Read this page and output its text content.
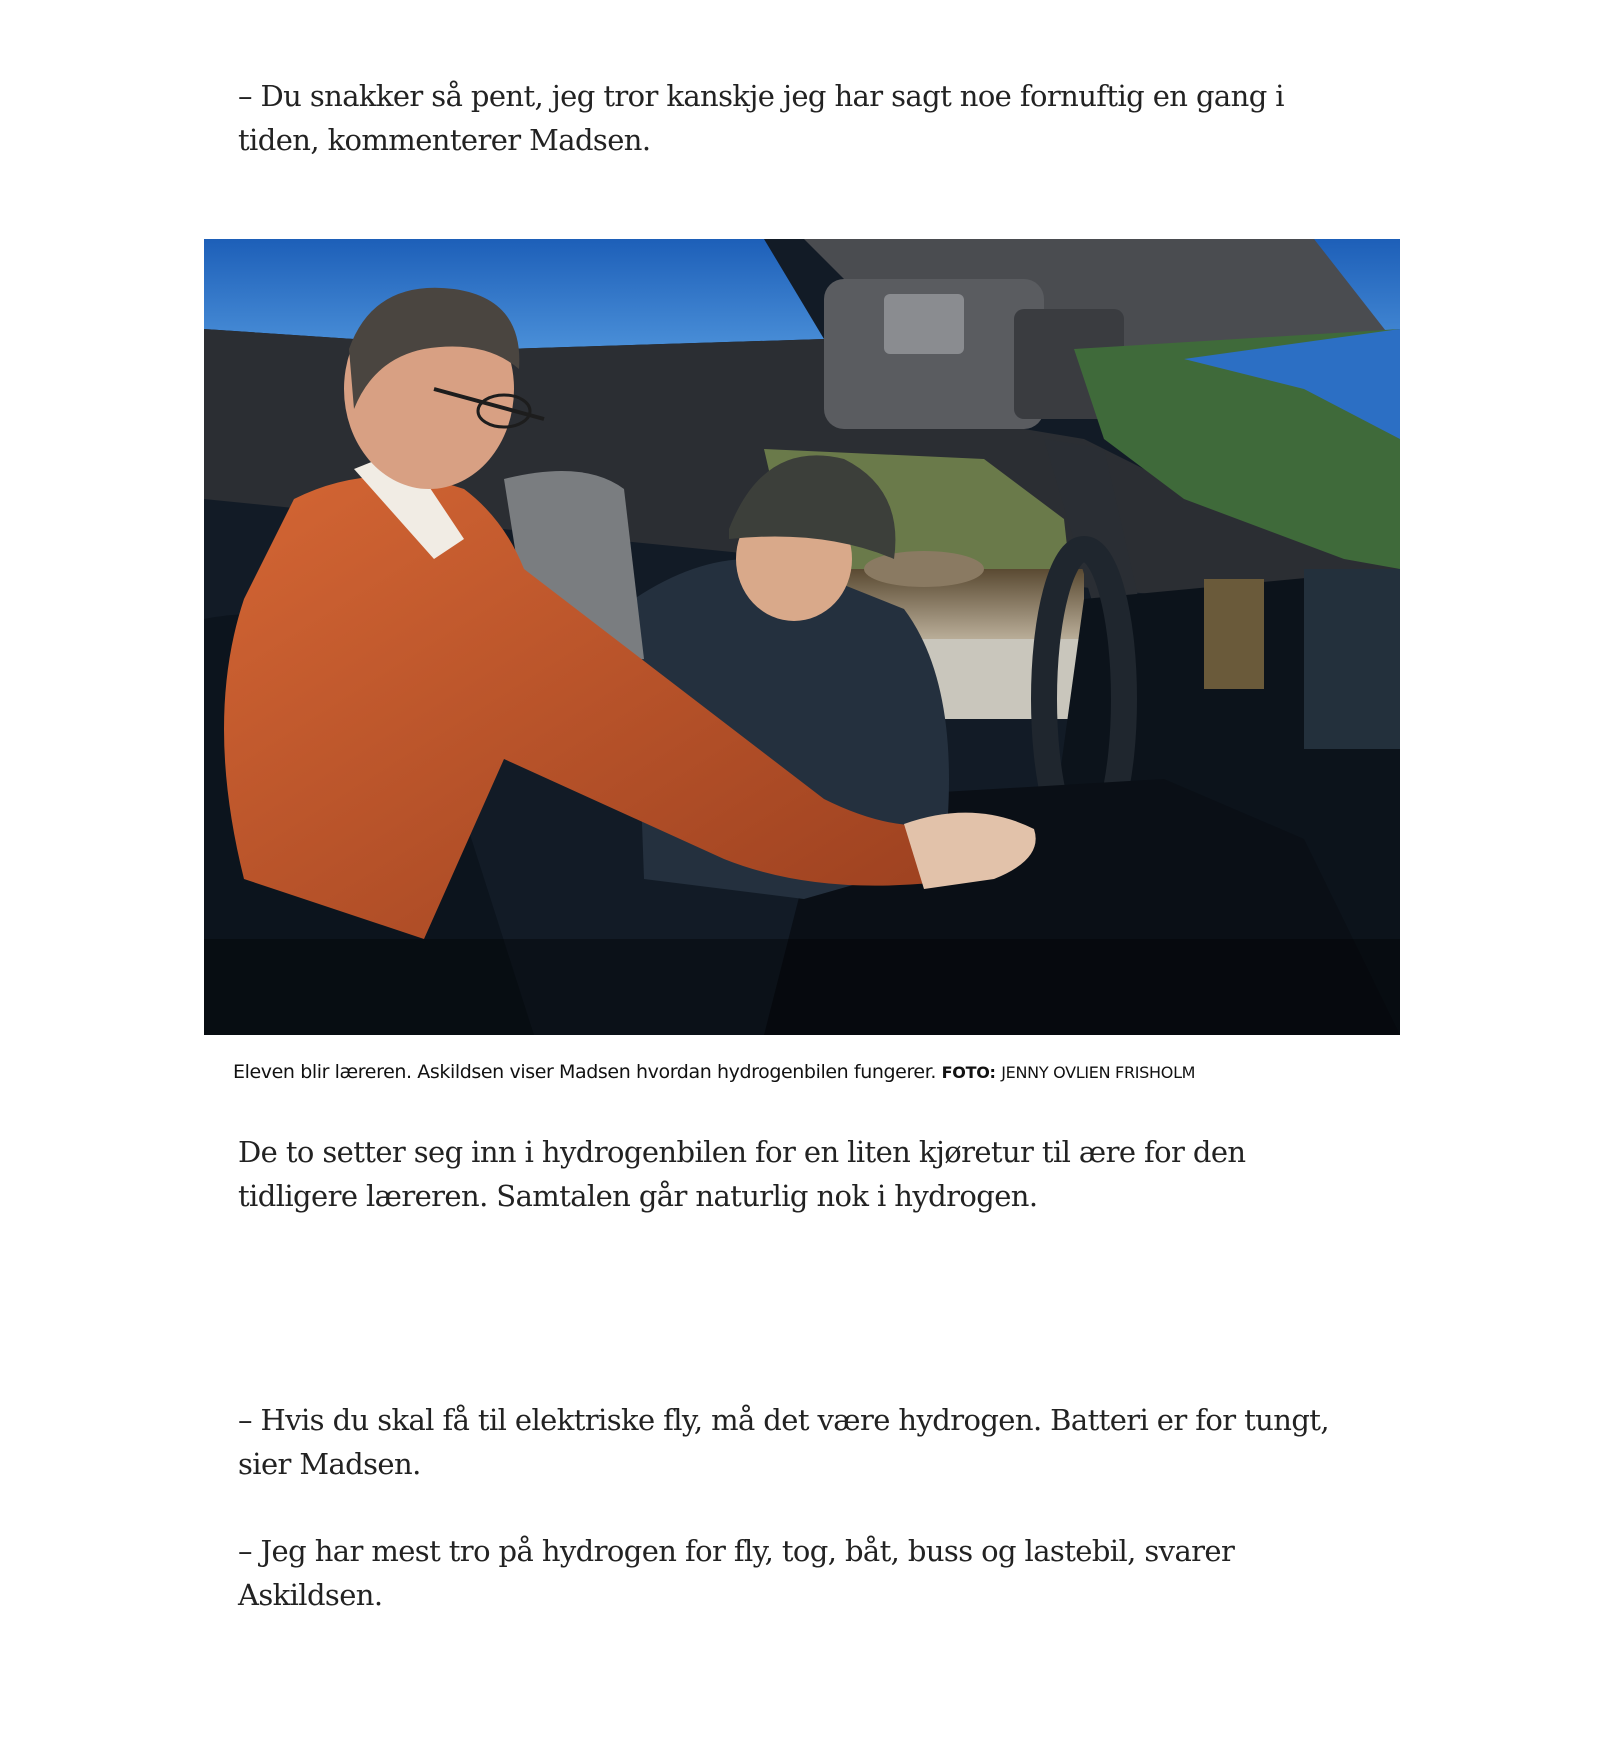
– Du snakker så pent, jeg tror kanskje jeg har sagt noe fornuftig en gang i tiden, kommenterer Madsen.

Eleven blir læreren. Askildsen viser Madsen hvordan hydrogenbilen fungerer. FOTO: JENNY OVLIEN FRISHOLM

De to setter seg inn i hydrogenbilen for en liten kjøretur til ære for den tidligere læreren. Samtalen går naturlig nok i hydrogen.

– Hvis du skal få til elektriske fly, må det være hydrogen. Batteri er for tungt, sier Madsen.

– Jeg har mest tro på hydrogen for fly, tog, båt, buss og lastebil, svarer Askildsen.
